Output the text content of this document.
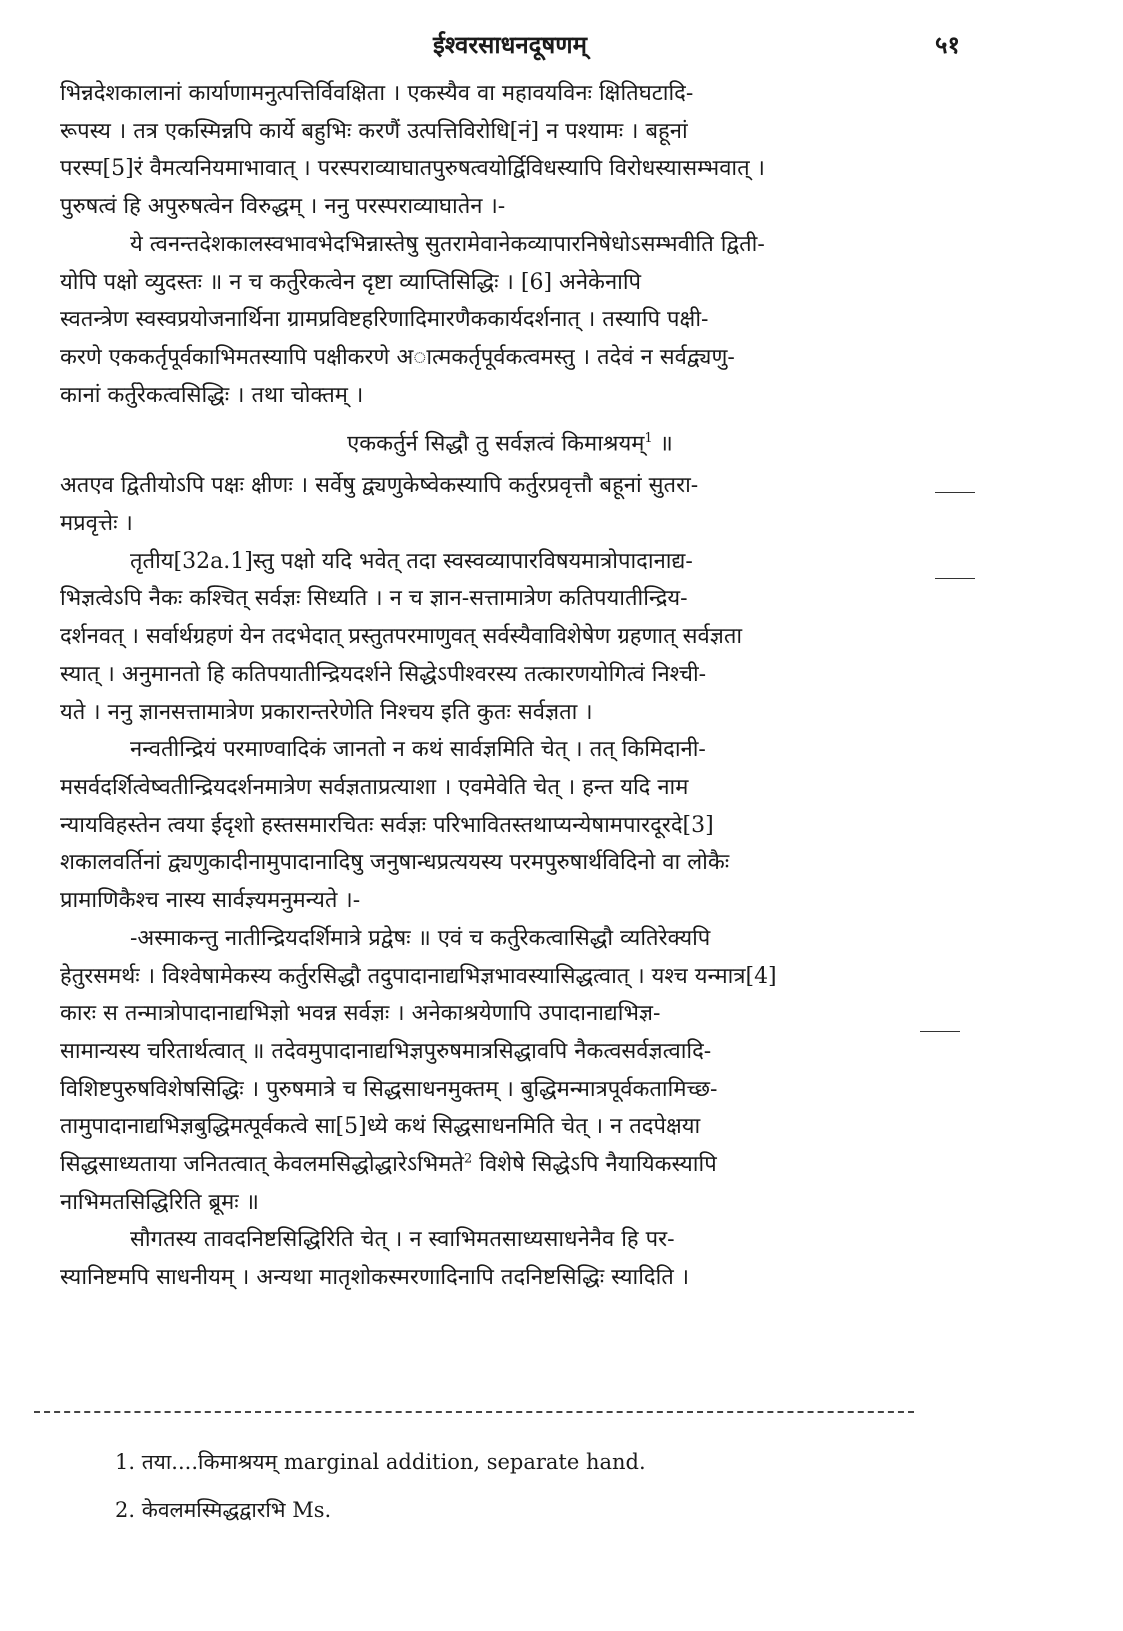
ईश्वरसाधनदूषणम्	५१

भिन्नदेशकालानां कार्याणामनुत्पत्तिर्विवक्षिता । एकस्यैव वा महावयविनः क्षितिघटादि-
रूपस्य । तत्र एकस्मिन्नपि कार्ये बहुभिः करणैं उत्पत्तिविरोधि[नं] न पश्यामः । बहूनां
परस्प[5]रं वैमत्यनियमाभावात् । परस्पराव्याघातपुरुषत्वयोर्द्विविधस्यापि विरोधस्यासम्भवात् ।
पुरुषत्वं हि अपुरुषत्वेन विरुद्धम् । ननु परस्पराव्याघातेन ।-

ये त्वनन्तदेशकालस्वभावभेदभिन्नास्तेषु सुतरामेवानेकव्यापारनिषेधोऽसम्भवीति द्विती-
योपि पक्षो व्युदस्तः ॥ न च कर्तुरेकत्वेन दृष्टा व्याप्तिसिद्धिः । [6] अनेकेनापि
स्वतन्त्रेण स्वस्वप्रयोजनार्थिना ग्रामप्रविष्टहरिणादिमारणैककार्यदर्शनात् । तस्यापि पक्षी-
करणे एककर्तृपूर्वकाभिमतस्यापि पक्षीकरणे अात्मकर्तृपूर्वकत्वमस्तु । तदेवं न सर्वद्व्यणु-
कानां कर्तुरेकत्वसिद्धिः । तथा चोक्तम् ।

एककर्तुर्न सिद्धौ तु सर्वज्ञत्वं किमाश्रयम्$^1$ ॥

अतएव द्वितीयोऽपि पक्षः क्षीणः । सर्वेषु द्व्यणुकेष्वेकस्यापि कर्तुरप्रवृत्तौ बहूनां सुतरा-
मप्रवृत्तेः ।

तृतीय[32a.1]स्तु पक्षो यदि भवेत् तदा स्वस्वव्यापारविषयमात्रोपादानाद्य-
भिज्ञत्वेऽपि नैकः कश्चित् सर्वज्ञः सिध्यति । न च ज्ञान-सत्तामात्रेण कतिपयातीन्द्रिय-
दर्शनवत् । सर्वार्थग्रहणं येन तदभेदात् प्रस्तुतपरमाणुवत् सर्वस्यैवाविशेषेण ग्रहणात् सर्वज्ञता
स्यात् । अनुमानतो हि कतिपयातीन्द्रियदर्शने सिद्धेऽपीश्वरस्य तत्कारणयोगित्वं निश्ची-
यते । ननु ज्ञानसत्तामात्रेण प्रकारान्तरेणेति निश्चय इति कुतः सर्वज्ञता ।

नन्वतीन्द्रियं परमाण्वादिकं जानतो न कथं सार्वज्ञमिति चेत् । तत् किमिदानी-
मसर्वदर्शित्वेष्वतीन्द्रियदर्शनमात्रेण सर्वज्ञताप्रत्याशा । एवमेवेति चेत् । हन्त यदि नाम
न्यायविहस्तेन त्वया ईदृशो हस्तसमारचितः सर्वज्ञः परिभावितस्तथाप्यन्येषामपारदूरदे[3]
शकालवर्तिनां द्व्यणुकादीनामुपादानादिषु जनुषान्धप्रत्ययस्य परमपुरुषार्थविदिनो वा लोकैः
प्रामाणिकैश्च नास्य सार्वज्ञ्यमनुमन्यते ।-

-अस्माकन्तु नातीन्द्रियदर्शिमात्रे प्रद्वेषः ॥ एवं च कर्तुरेकत्वासिद्धौ व्यतिरेक्यपि
हेतुरसमर्थः । विश्वेषामेकस्य कर्तुरसिद्धौ तदुपादानाद्यभिज्ञभावस्यासिद्धत्वात् । यश्च यन्मात्र[4]
कारः स तन्मात्रोपादानाद्यभिज्ञो भवन्न सर्वज्ञः । अनेकाश्रयेणापि उपादानाद्यभिज्ञ-
सामान्यस्य चरितार्थत्वात् ॥ तदेवमुपादानाद्यभिज्ञपुरुषमात्रसिद्धावपि नैकत्वसर्वज्ञत्वादि-
विशिष्टपुरुषविशेषसिद्धिः । पुरुषमात्रे च सिद्धसाधनमुक्तम् । बुद्धिमन्मात्रपूर्वकतामिच्छ-
तामुपादानाद्यभिज्ञबुद्धिमत्पूर्वकत्वे सा[5]ध्ये कथं सिद्धसाधनमिति चेत् । न तदपेक्षया
सिद्धसाध्यताया जनितत्वात् केवलमसिद्धोद्धारेऽभिमते$^2$ विशेषे सिद्धेऽपि नैयायिकस्यापि
नाभिमतसिद्धिरिति ब्रूमः ॥

सौगतस्य तावदनिष्टसिद्धिरिति चेत् । न स्वाभिमतसाध्यसाधनेनैव हि पर-
स्यानिष्टमपि साधनीयम् । अन्यथा मातृशोकस्मरणादिनापि तदनिष्टसिद्धिः स्यादिति ।

1. तया....किमाश्रयम् marginal addition, separate hand.

2. केवलमस्मिद्धद्वारभि Ms.
